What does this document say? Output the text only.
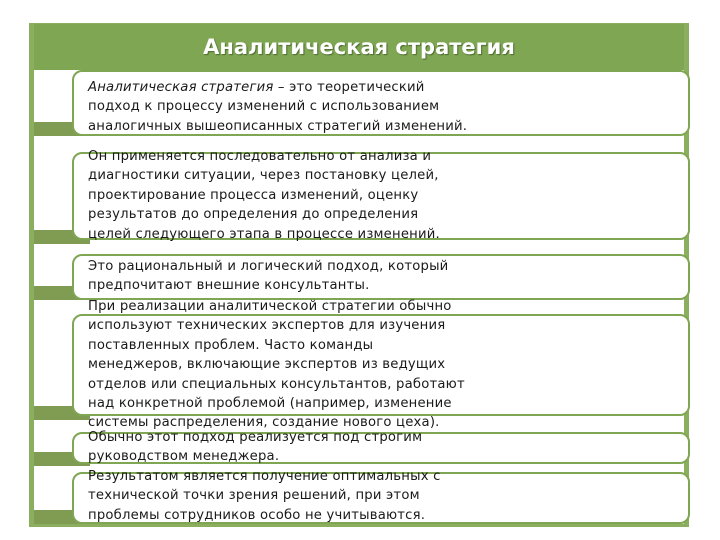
Аналитическая стратегия
Аналитическая стратегия – это теоретический
подход к процессу изменений с использованием
аналогичных вышеописанных стратегий изменений.
Он применяется последовательно от анализа и
диагностики ситуации, через постановку целей,
проектирование процесса изменений, оценку
результатов до определения до определения
целей следующего этапа в процессе изменений.
Это рациональный и логический подход, который
предпочитают внешние консультанты.
При реализации аналитической стратегии обычно
используют технических экспертов для изучения
поставленных проблем. Часто команды
менеджеров, включающие экспертов из ведущих
отделов или специальных консультантов, работают
над конкретной проблемой (например, изменение
системы распределения, создание нового цеха).
Обычно этот подход реализуется под строгим
руководством менеджера.
Результатом является получение оптимальных с
технической точки зрения решений, при этом
проблемы сотрудников особо не учитываются.
